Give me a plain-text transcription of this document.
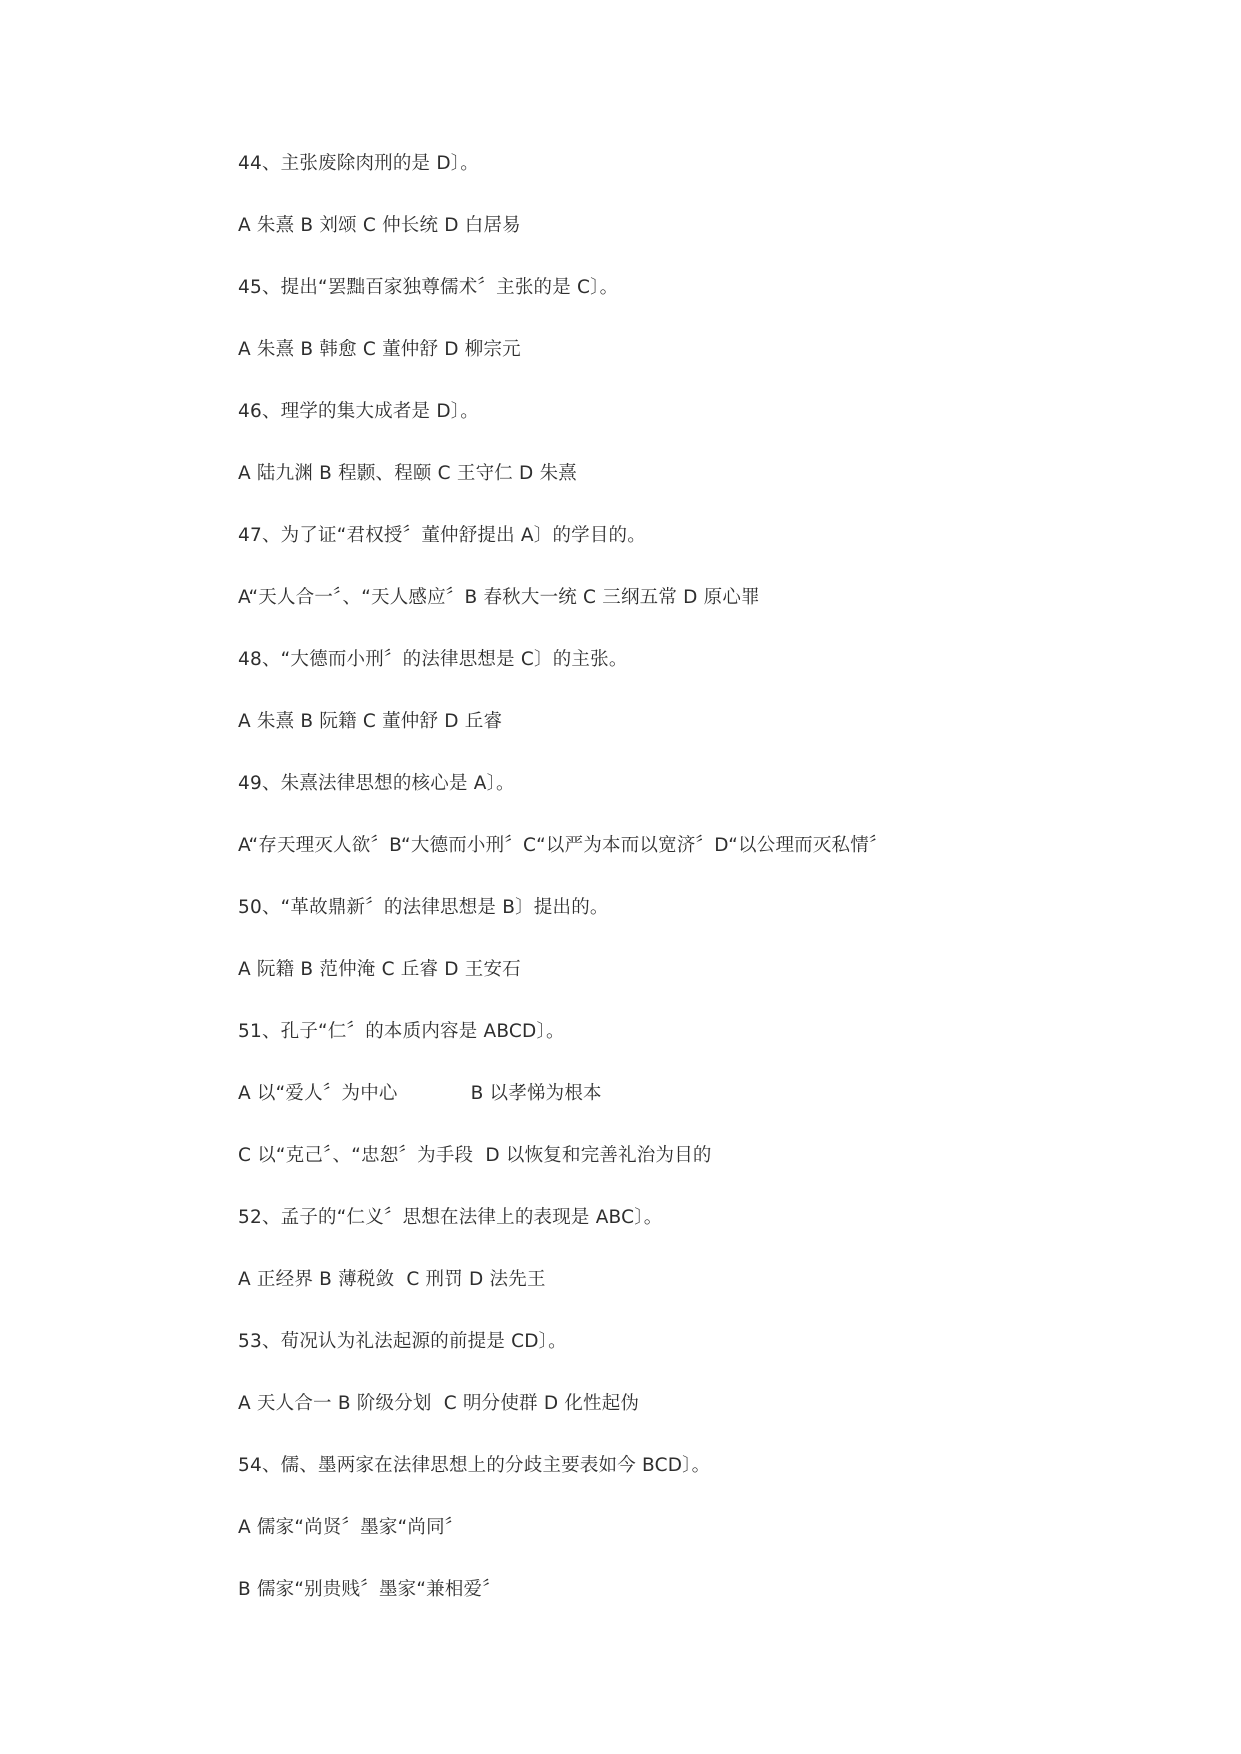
44、主张废除肉刑的是 D〕。
A 朱熹 B 刘颂 C 仲长统 D 白居易
45、提出“罢黜百家独尊儒术〞主张的是 C〕。
A 朱熹 B 韩愈 C 董仲舒 D 柳宗元
46、理学的集大成者是 D〕。
A 陆九渊 B 程颢、程颐 C 王守仁 D 朱熹
47、为了证“君权授〞董仲舒提出 A〕的学目的。
A“天人合一〞、“天人感应〞B 春秋大一统 C 三纲五常 D 原心罪
48、“大德而小刑〞的法律思想是 C〕的主张。
A 朱熹 B 阮籍 C 董仲舒 D 丘睿
49、朱熹法律思想的核心是 A〕。
A“存天理灭人欲〞B“大德而小刑〞C“以严为本而以宽济〞D“以公理而灭私情〞
50、“革故鼎新〞的法律思想是 B〕提出的。
A 阮籍 B 范仲淹 C 丘睿 D 王安石
51、孔子“仁〞的本质内容是 ABCD〕。
A 以“爱人〞为中心            B 以孝悌为根本
C 以“克己〞、“忠恕〞为手段  D 以恢复和完善礼治为目的
52、孟子的“仁义〞思想在法律上的表现是 ABC〕。
A 正经界 B 薄税敛  C 刑罚 D 法先王
53、荀况认为礼法起源的前提是 CD〕。
A 天人合一 B 阶级分划  C 明分使群 D 化性起伪
54、儒、墨两家在法律思想上的分歧主要表如今 BCD〕。
A 儒家“尚贤〞墨家“尚同〞
B 儒家“别贵贱〞墨家“兼相爱〞
